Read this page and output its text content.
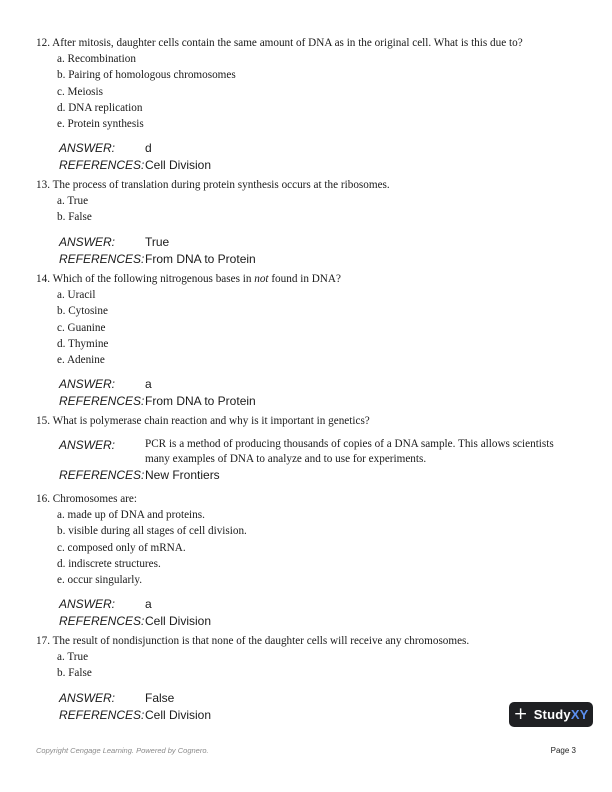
12. After mitosis, daughter cells contain the same amount of DNA as in the original cell. What is this due to?
a. Recombination
b. Pairing of homologous chromosomes
c. Meiosis
d. DNA replication
e. Protein synthesis
ANSWER:	d
REFERENCES: Cell Division
13. The process of translation during protein synthesis occurs at the ribosomes.
a. True
b. False
ANSWER:	True
REFERENCES: From DNA to Protein
14. Which of the following nitrogenous bases in not found in DNA?
a. Uracil
b. Cytosine
c. Guanine
d. Thymine
e. Adenine
ANSWER:	a
REFERENCES: From DNA to Protein
15. What is polymerase chain reaction and why is it important in genetics?
ANSWER:	PCR is a method of producing thousands of copies of a DNA sample. This allows scientists many examples of DNA to analyze and to use for experiments.
REFERENCES: New Frontiers
16. Chromosomes are:
a. made up of DNA and proteins.
b. visible during all stages of cell division.
c. composed only of mRNA.
d. indiscrete structures.
e. occur singularly.
ANSWER:	a
REFERENCES: Cell Division
17. The result of nondisjunction is that none of the daughter cells will receive any chromosomes.
a. True
b. False
ANSWER:	False
REFERENCES: Cell Division	+ StudyXY
Copyright Cengage Learning. Powered by Cognero.	Page 3
